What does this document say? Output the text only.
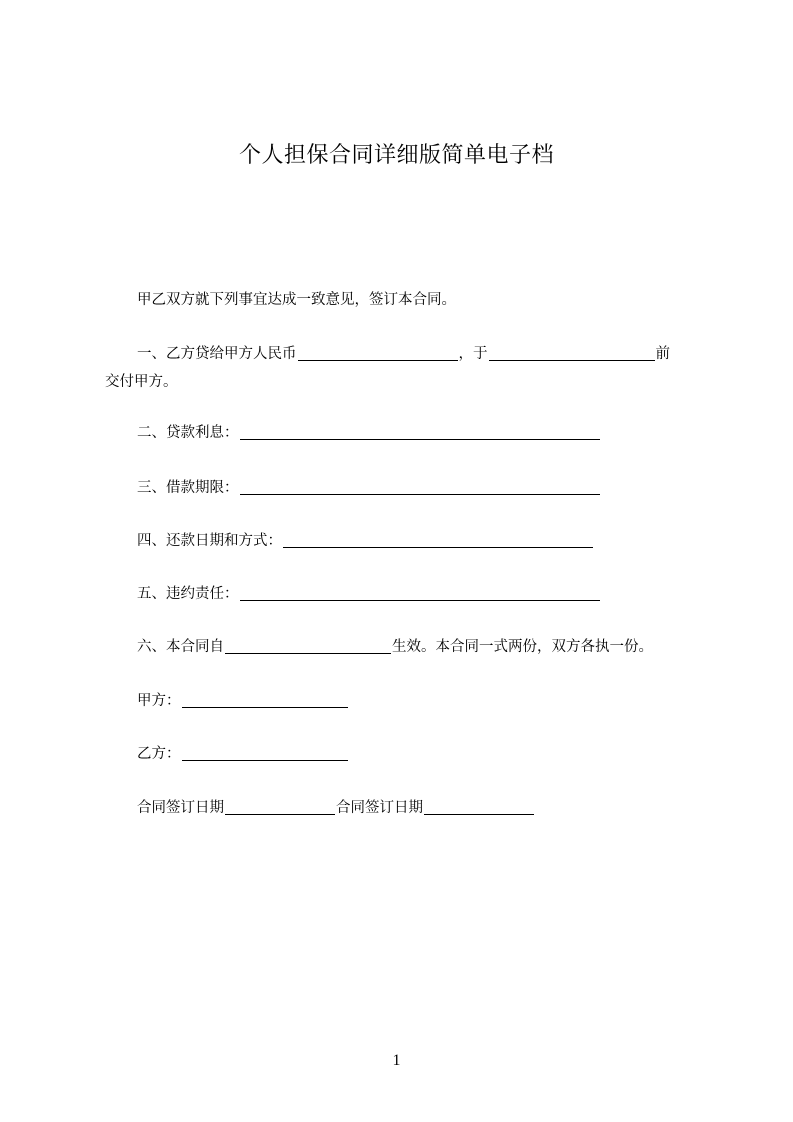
个人担保合同详细版简单电子档
甲乙双方就下列事宜达成一致意见，签订本合同。
一、乙方贷给甲方人民币	，于	前
交付甲方。
二、贷款利息：
三、借款期限：
四、还款日期和方式：
五、违约责任：
六、本合同自	生效。本合同一式两份，双方各执一份。
甲方：
乙方：
合同签订日期	合同签订日期
1
